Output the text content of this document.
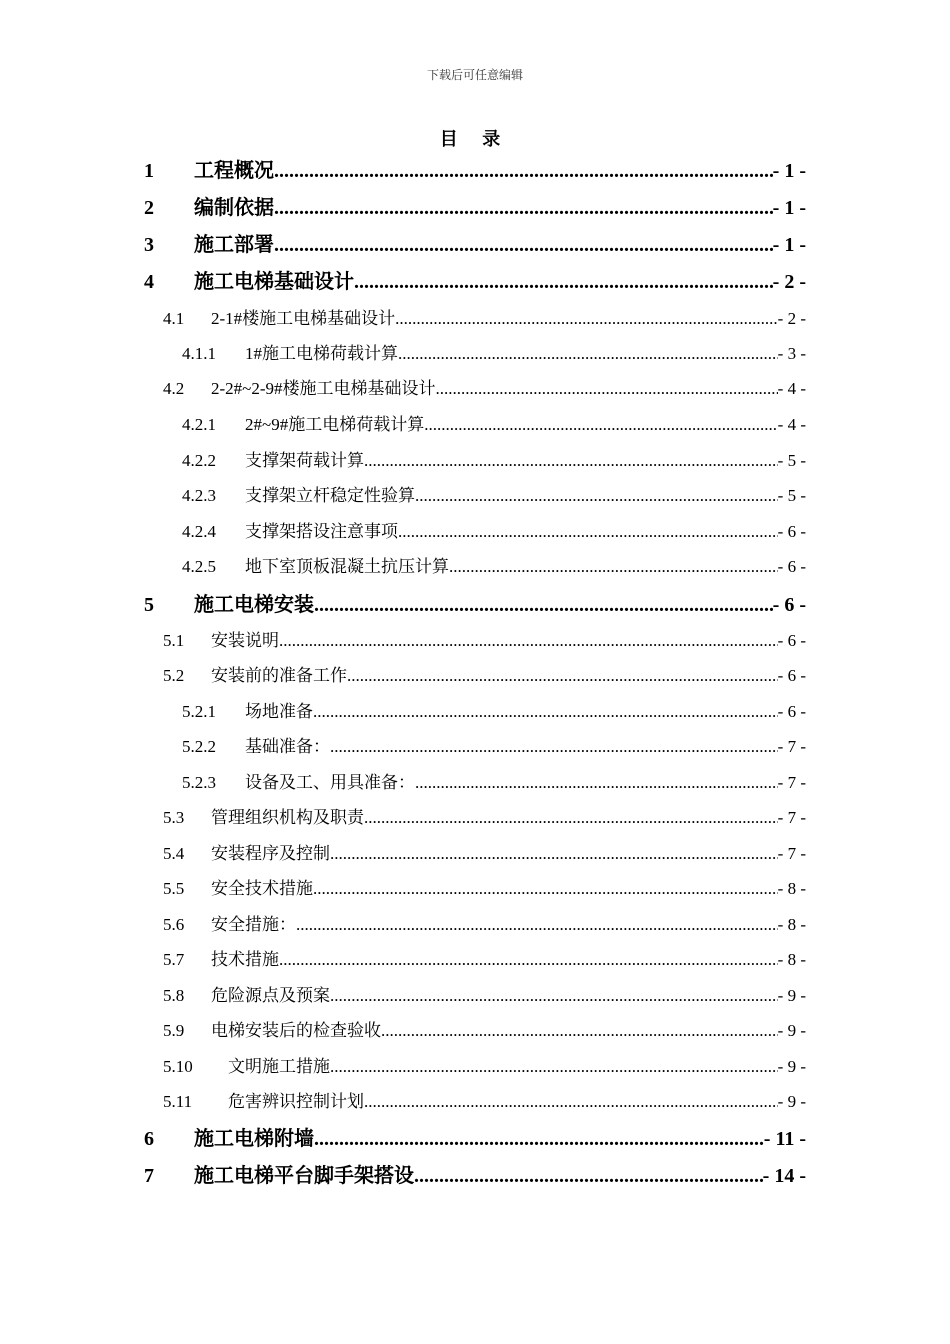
下载后可任意编辑
目 录
1	工程概况 .....	- 1 -
2	编制依据 .....	- 1 -
3	施工部署 .....	- 1 -
4	施工电梯基础设计 .....	- 2 -
4.1	2-1#楼施工电梯基础设计 .....	- 2 -
4.1.1	1#施工电梯荷载计算 .....	- 3 -
4.2	2-2#~2-9#楼施工电梯基础设计 .....	- 4 -
4.2.1	2#~9#施工电梯荷载计算 .....	- 4 -
4.2.2	支撑架荷载计算 .....	- 5 -
4.2.3	支撑架立杆稳定性验算 .....	- 5 -
4.2.4	支撑架搭设注意事项 .....	- 6 -
4.2.5	地下室顶板混凝土抗压计算 .....	- 6 -
5	施工电梯安装 .....	- 6 -
5.1	安装说明 .....	- 6 -
5.2	安装前的准备工作 .....	- 6 -
5.2.1	场地准备 .....	- 6 -
5.2.2	基础准备： .....	- 7 -
5.2.3	设备及工、用具准备： .....	- 7 -
5.3	管理组织机构及职责 .....	- 7 -
5.4	安装程序及控制 .....	- 7 -
5.5	安全技术措施 .....	- 8 -
5.6	安全措施： .....	- 8 -
5.7	技术措施 .....	- 8 -
5.8	危险源点及预案 .....	- 9 -
5.9	电梯安装后的检查验收 .....	- 9 -
5.10	文明施工措施 .....	- 9 -
5.11	危害辨识控制计划 .....	- 9 -
6	施工电梯附墙 .....	- 11 -
7	施工电梯平台脚手架搭设 .....	- 14 -
